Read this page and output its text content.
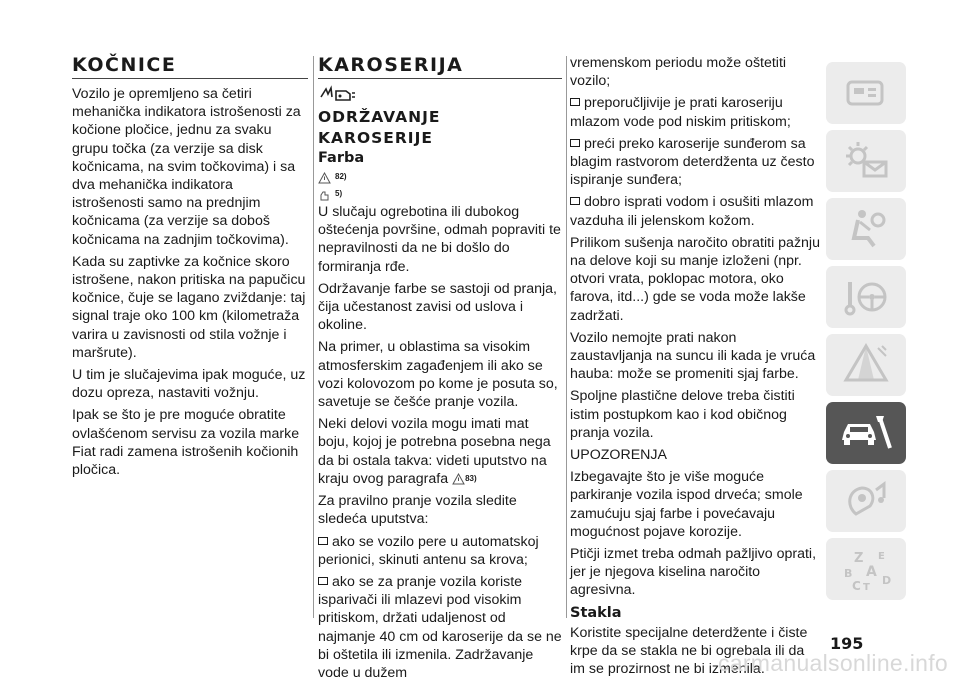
KOČNICE

Vozilo je opremljeno sa četiri mehanička indikatora istrošenosti za kočione pločice, jednu za svaku grupu točka (za verzije sa disk kočnicama, na svim točkovima) i sa dva mehanička indikatora istrošenosti samo na prednjim kočnicama (za verzije sa doboš kočnicama na zadnjim točkovima).

Kada su zaptivke za kočnice skoro istrošene, nakon pritiska na papučicu kočnice, čuje se lagano zviždanje: taj signal traje oko 100 km (kilometraža varira u zavisnosti od stila vožnje i maršrute).

U tim je slučajevima ipak moguće, uz dozu opreza, nastaviti vožnju.

Ipak se što je pre moguće obratite ovlašćenom servisu za vozila marke Fiat radi zamena istrošenih kočionih pločica.

KAROSERIJA
ODRŽAVANJE
KAROSERIJE
Farba
82)
5)

U slučaju ogrebotina ili dubokog oštećenja površine, odmah popraviti te nepravilnosti da ne bi došlo do formiranja rđe.

Održavanje farbe se sastoji od pranja, čija učestanost zavisi od uslova i okoline.

Na primer, u oblastima sa visokim atmosferskim zagađenjem ili ako se vozi kolovozom po kome je posuta so, savetuje se češće pranje vozila.

Neki delovi vozila mogu imati mat boju, kojoj je potrebna posebna nega da bi ostala takva: videti uputstvo na kraju ovog paragrafa 83)

Za pravilno pranje vozila sledite sledeća uputstva:

ako se vozilo pere u automatskoj perionici, skinuti antenu sa krova;

ako se za pranje vozila koriste isparivači ili mlazevi pod visokim pritiskom, držati udaljenost od najmanje 40 cm od karoserije da se ne bi oštetila ili izmenila. Zadržavanje vode u dužem

vremenskom periodu može oštetiti vozilo;

preporučljivije je prati karoseriju mlazom vode pod niskim pritiskom;

preći preko karoserije sunđerom sa blagim rastvorom deterdženta uz često ispiranje sunđera;

dobro isprati vodom i osušiti mlazom vazduha ili jelenskom kožom.

Prilikom sušenja naročito obratiti pažnju na delove koji su manje izloženi (npr. otvori vrata, poklopac motora, oko farova, itd...) gde se voda može lakše zadržati.

Vozilo nemojte prati nakon zaustavljanja na suncu ili kada je vruća hauba: može se promeniti sjaj farbe.

Spoljne plastične delove treba čistiti istim postupkom kao i kod običnog pranja vozila.

UPOZORENJA

Izbegavajte što je više moguće parkiranje vozila ispod drveća; smole zamućuju sjaj farbe i povećavaju mogućnost pojave korozije.

Ptičji izmet treba odmah pažljivo oprati, jer je njegova kiselina naročito agresivna.

Stakla

Koristite specijalne deterdžente i čiste krpe da se stakla ne bi ogrebala ili da im se prozirnost ne bi izmenila.

Z E
B A
C T
D
195
carmanualsonline.info
